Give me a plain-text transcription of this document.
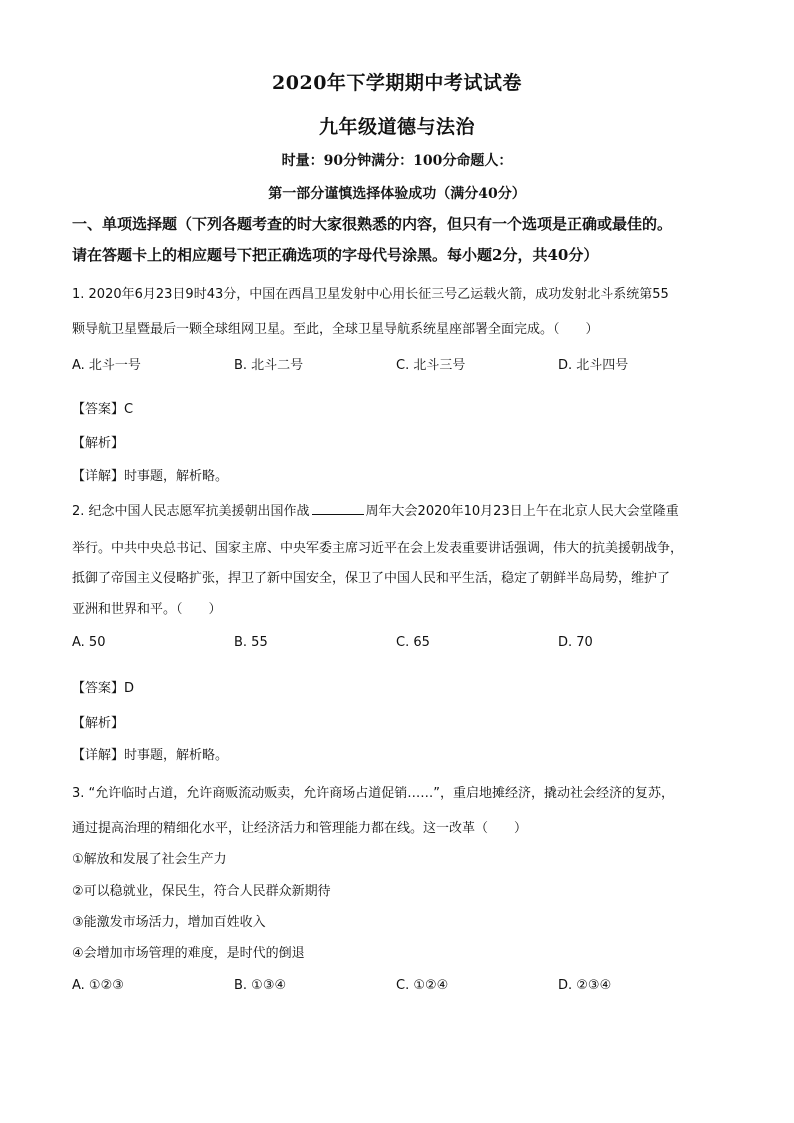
2020年下学期期中考试试卷
九年级道德与法治
时量：90分钟满分：100分命题人：
第一部分谨慎选择体验成功（满分40分）
一、单项选择题（下列各题考查的时大家很熟悉的内容，但只有一个选项是正确或最佳的。
请在答题卡上的相应题号下把正确选项的字母代号涂黑。每小题2分，共40分）
1. 2020年6月23日9时43分，中国在西昌卫星发射中心用长征三号乙运载火箭，成功发射北斗系统第55
颗导航卫星暨最后一颗全球组网卫星。至此，全球卫星导航系统星座部署全面完成。（　　）
A. 北斗一号	B. 北斗二号	C. 北斗三号	D. 北斗四号
【答案】C
【解析】
【详解】时事题，解析略。
2. 纪念中国人民志愿军抗美援朝出国作战	周年大会2020年10月23日上午在北京人民大会堂隆重
举行。中共中央总书记、国家主席、中央军委主席习近平在会上发表重要讲话强调，伟大的抗美援朝战争，
抵御了帝国主义侵略扩张，捍卫了新中国安全，保卫了中国人民和平生活，稳定了朝鲜半岛局势，维护了
亚洲和世界和平。（　　）
A. 50	B. 55	C. 65	D. 70
【答案】D
【解析】
【详解】时事题，解析略。
3. “允许临时占道，允许商贩流动贩卖，允许商场占道促销……”，重启地摊经济，撬动社会经济的复苏，
通过提高治理的精细化水平，让经济活力和管理能力都在线。这一改革（　　）
①解放和发展了社会生产力
②可以稳就业，保民生，符合人民群众新期待
③能激发市场活力，增加百姓收入
④会增加市场管理的难度，是时代的倒退
A. ①②③	B. ①③④	C. ①②④	D. ②③④
